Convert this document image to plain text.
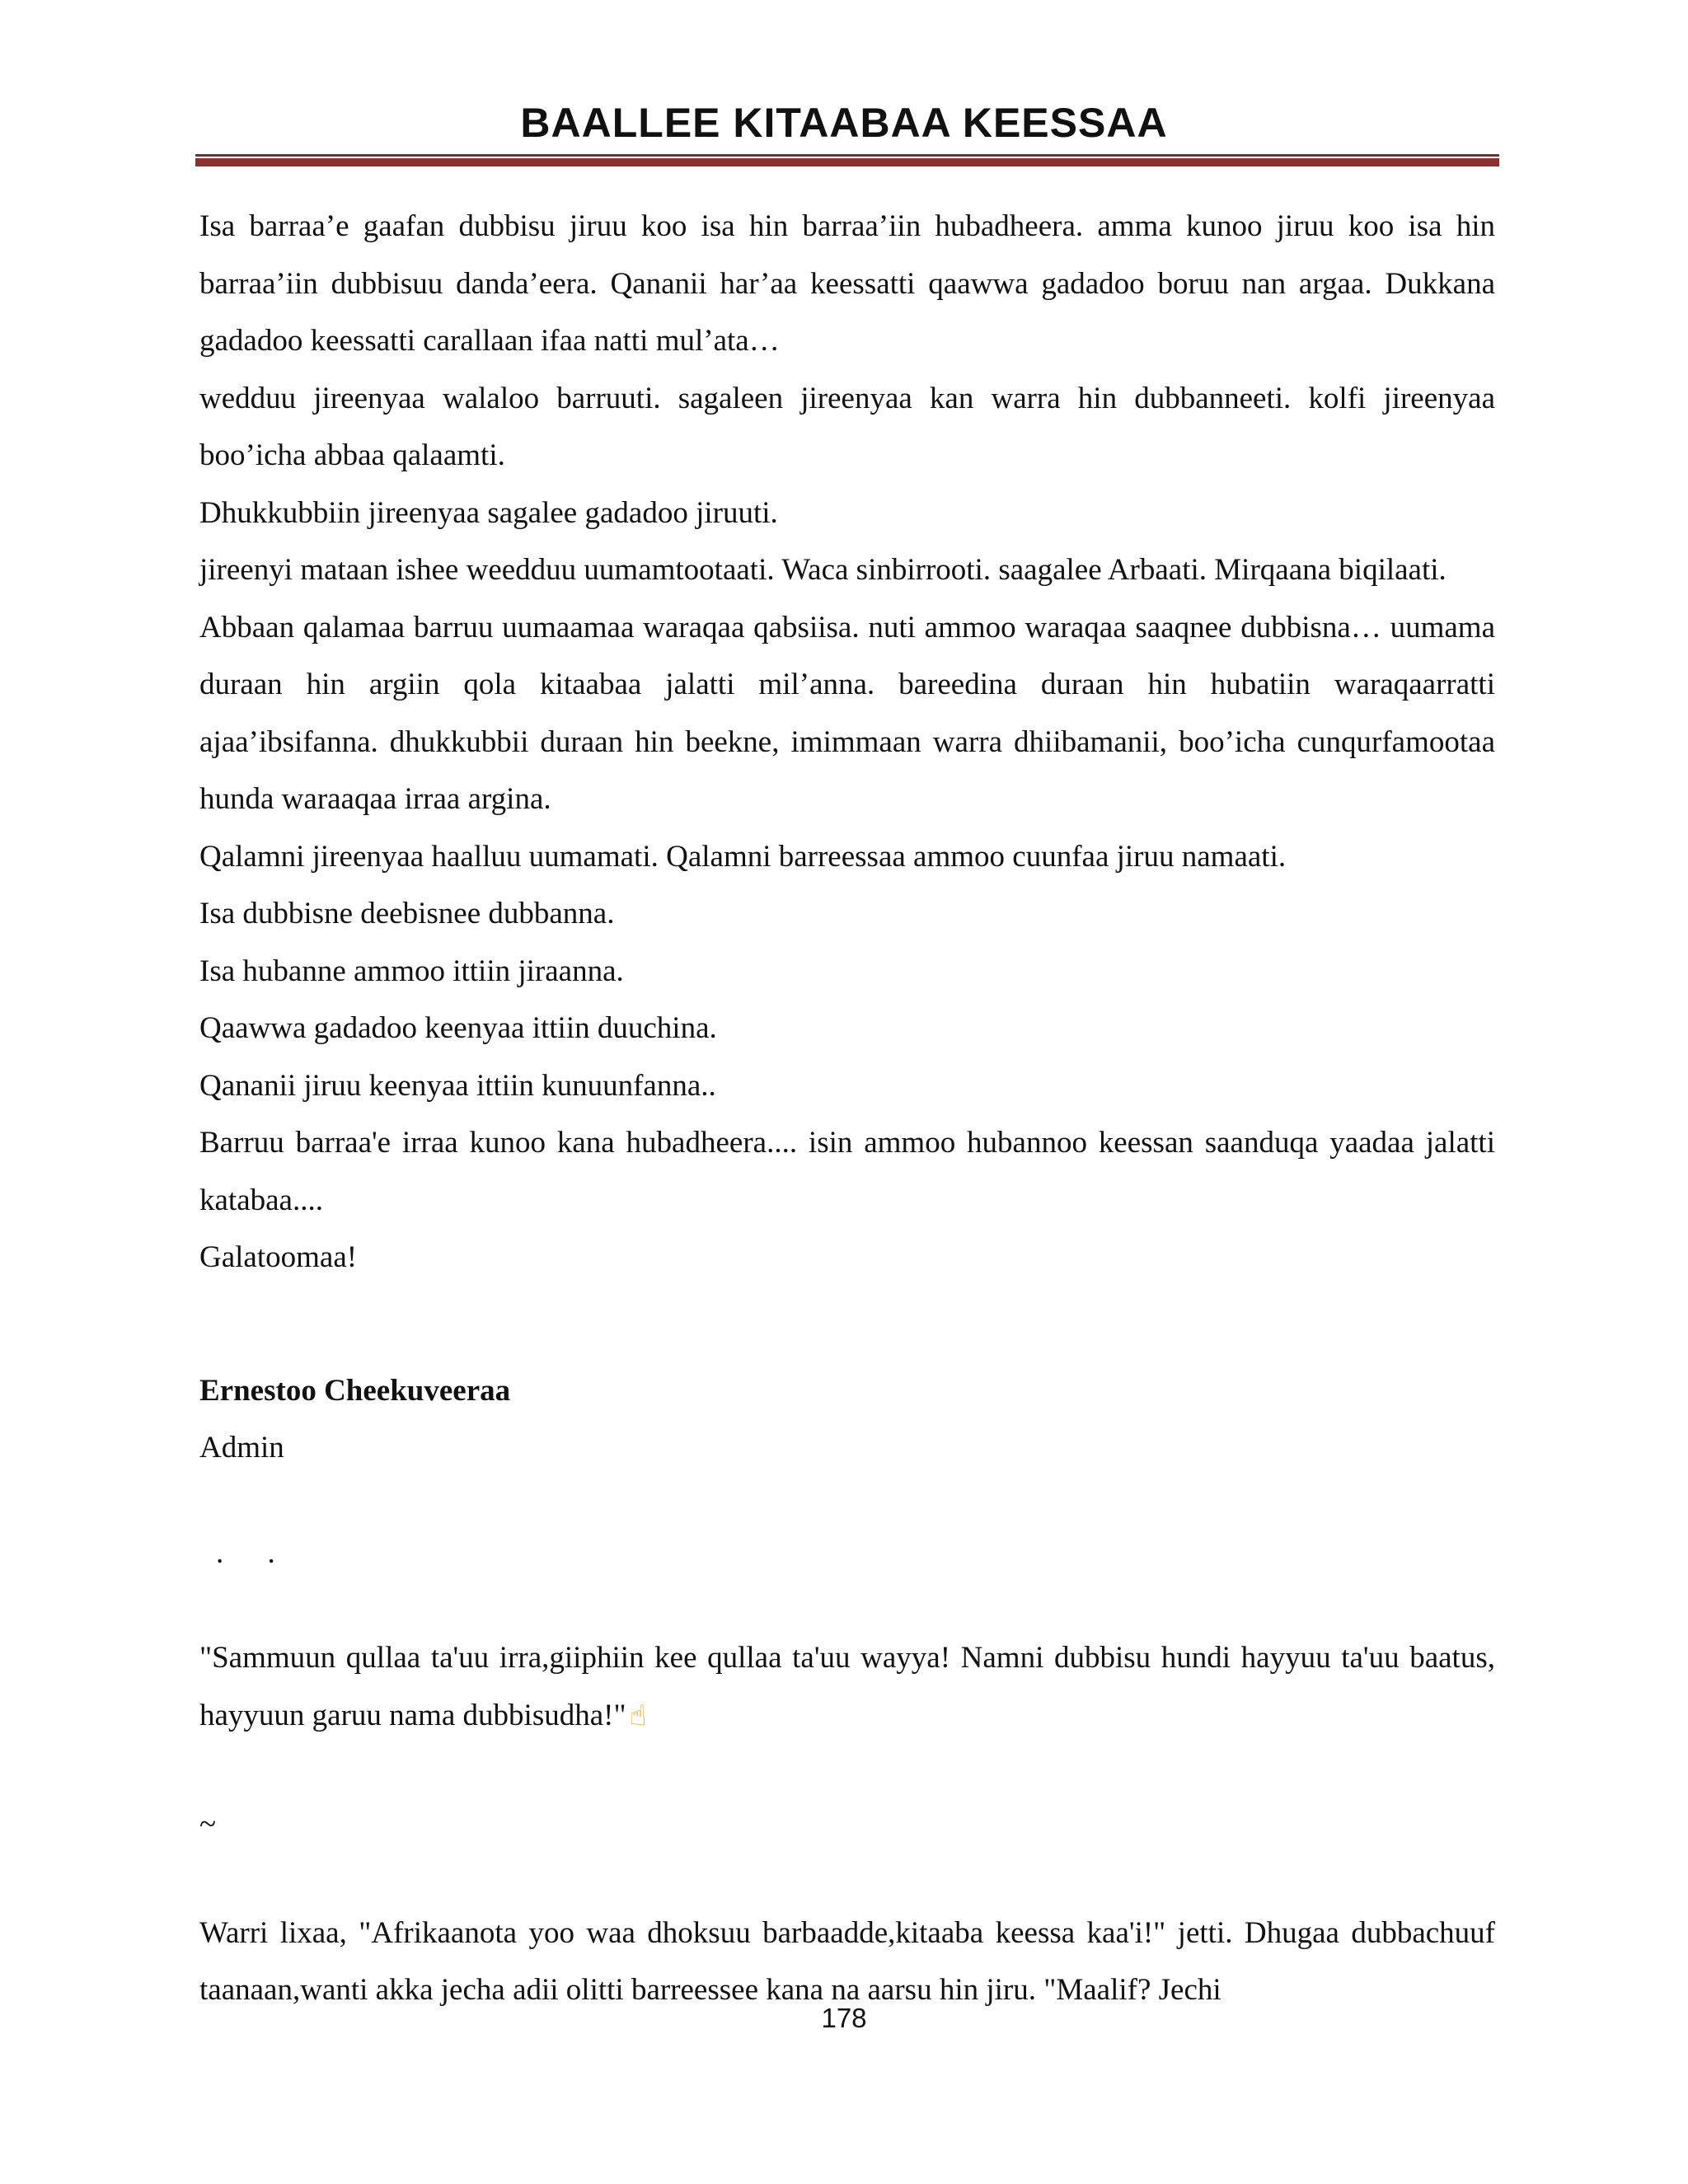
BAALLEE KITAABAA KEESSAA

Isa barraa’e gaafan dubbisu jiruu koo isa hin barraa’iin hubadheera. amma kunoo jiruu koo isa hin barraa’iin dubbisuu danda’eera. Qananii har’aa keessatti qaawwa gadadoo boruu nan argaa. Dukkana gadadoo keessatti carallaan ifaa natti mul’ata…

wedduu jireenyaa walaloo barruuti. sagaleen jireenyaa kan warra hin dubbanneeti. kolfi jireenyaa boo’icha abbaa qalaamti.

Dhukkubbiin jireenyaa sagalee gadadoo jiruuti.

jireenyi mataan ishee weedduu uumamtootaati. Waca sinbirrooti. saagalee Arbaati. Mirqaana biqilaati.

Abbaan qalamaa barruu uumaamaa waraqaa qabsiisa. nuti ammoo waraqaa saaqnee dubbisna… uumama duraan hin argiin qola kitaabaa jalatti mil’anna. bareedina duraan hin hubatiin waraqaarratti ajaa’ibsifanna. dhukkubbii duraan hin beekne, imimmaan warra dhiibamanii, boo’icha cunqurfamootaa hunda waraaqaa irraa argina.

Qalamni jireenyaa haalluu uumamati. Qalamni barreessaa ammoo cuunfaa jiruu namaati.

Isa dubbisne deebisnee dubbanna.

Isa hubanne ammoo ittiin jiraanna.

Qaawwa gadadoo keenyaa ittiin duuchina.

Qananii jiruu keenyaa ittiin kunuunfanna..

Barruu barraa'e irraa kunoo kana hubadheera.... isin ammoo hubannoo keessan saanduqa yaadaa jalatti katabaa....

Galatoomaa!

Ernestoo Cheekuveeraa

Admin

. .

"Sammuun qullaa ta'uu irra,giiphiin kee qullaa ta'uu wayya! Namni dubbisu hundi hayyuu ta'uu baatus, hayyuun garuu nama dubbisudha!" ☝

~

Warri lixaa, "Afrikaanota yoo waa dhoksuu barbaadde,kitaaba keessa kaa'i!" jetti. Dhugaa dubbachuuf taanaan,wanti akka jecha adii olitti barreessee kana na aarsu hin jiru. "Maalif? Jechi

178
